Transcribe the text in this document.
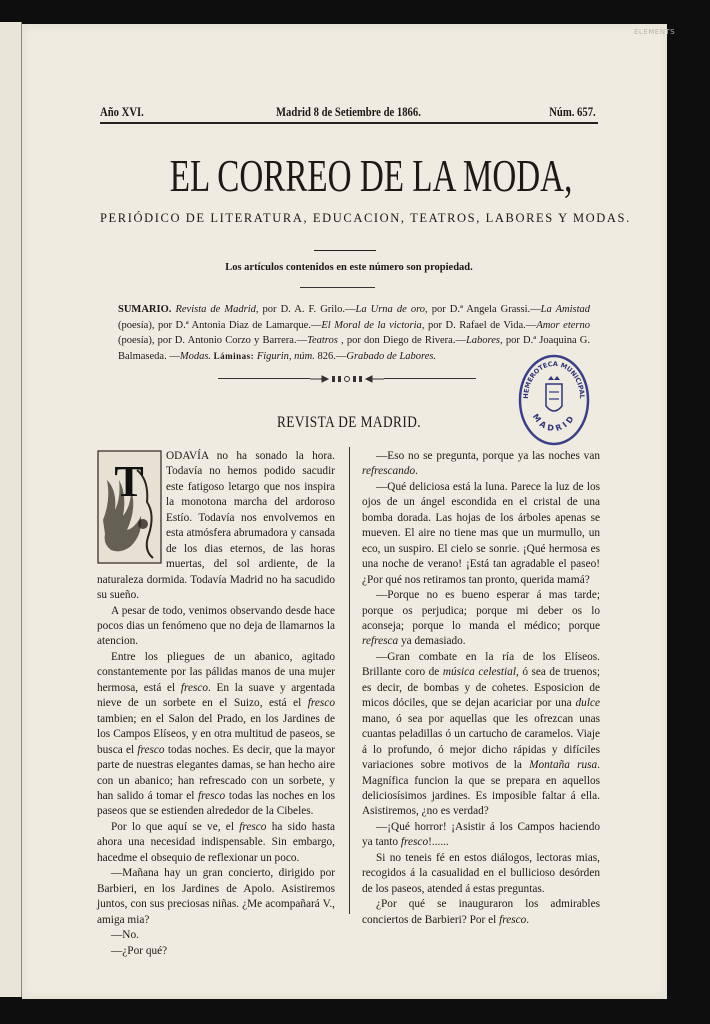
ELEMENTS
Año XVI.	Madrid 8 de Setiembre de 1866.	Núm. 657.
EL CORREO DE LA MODA,
PERIÓDICO DE LITERATURA, EDUCACION, TEATROS, LABORES Y MODAS.
Los artículos contenidos en este número son propiedad.
SUMARIO. Revista de Madrid, por D. A. F. Grilo.—La Urna de oro, por D.ª Angela Grassi.—La Amistad (poesía), por D.ª Antonia Diaz de Lamarque.—El Moral de la victoria, por D. Rafael de Vida.—Amor eterno (poesía), por D. Antonio Corzo y Barrera.—Teatros , por don Diego de Rivera.—Labores, por D.ª Joaquina G. Balmaseda. —Modas. Láminas: Figurin, núm. 826.—Grabado de Labores.
HEMEROTECA MUNICIPAL
MADRID
REVISTA DE MADRID.
T

ODAVÍA no ha sonado la hora. Todavía no hemos podido sacudir este fatigoso letargo que nos inspira la monotona marcha del ardoroso Estío. Todavía nos envolvemos en esta atmósfera abrumadora y cansada de los dias eternos, de las horas muertas, del sol ardiente, de la naturaleza dormida. Todavía Madrid no ha sacudido su sueño.

A pesar de todo, venimos observando desde hace pocos dias un fenómeno que no deja de llamarnos la atencion.

Entre los pliegues de un abanico, agitado constantemente por las pálidas manos de una mujer hermosa, está el fresco. En la suave y argentada nieve de un sorbete en el Suizo, está el fresco tambien; en el Salon del Prado, en los Jardines de los Campos Elíseos, y en otra multitud de paseos, se busca el fresco todas noches. Es decir, que la mayor parte de nuestras elegantes damas, se han hecho aire con un abanico; han refrescado con un sorbete, y han salido á tomar el fresco todas las noches en los paseos que se estienden alrededor de la Cibeles.

Por lo que aquí se ve, el fresco ha sido hasta ahora una necesidad indispensable. Sin embargo, hacedme el obsequio de reflexionar un poco.

—Mañana hay un gran concierto, dirigido por Barbieri, en los Jardines de Apolo. Asistiremos juntos, con sus preciosas niñas. ¿Me acompañará V., amiga mia?

—No.

—¿Por qué?

—Eso no se pregunta, porque ya las noches van refrescando.

—Qué deliciosa está la luna. Parece la luz de los ojos de un ángel escondida en el cristal de una bomba dorada. Las hojas de los árboles apenas se mueven. El aire no tiene mas que un murmullo, un eco, un suspiro. El cielo se sonrie. ¡Qué hermosa es una noche de verano! ¡Está tan agradable el paseo! ¿Por qué nos retiramos tan pronto, querida mamá?

—Porque no es bueno esperar á mas tarde; porque os perjudica; porque mi deber os lo aconseja; porque lo manda el médico; porque refresca ya demasiado.

—Gran combate en la ría de los Elíseos. Brillante coro de música celestial, ó sea de truenos; es decir, de bombas y de cohetes. Esposicion de micos dóciles, que se dejan acariciar por una dulce mano, ó sea por aquellas que les ofrezcan unas cuantas peladillas ó un cartucho de caramelos. Viaje á lo profundo, ó mejor dicho rápidas y difíciles variaciones sobre motivos de la Montaña rusa. Magnífica funcion la que se prepara en aquellos deliciosísimos jardines. Es imposible faltar á ella. Asistiremos, ¿no es verdad?

—¡Qué horror! ¡Asistir á los Campos haciendo ya tanto fresco!......

Si no teneis fé en estos diálogos, lectoras mias, recogidos á la casualidad en el bullicioso desórden de los paseos, atended á estas preguntas.

¿Por qué se inauguraron los admirables conciertos de Barbieri? Por el fresco.
